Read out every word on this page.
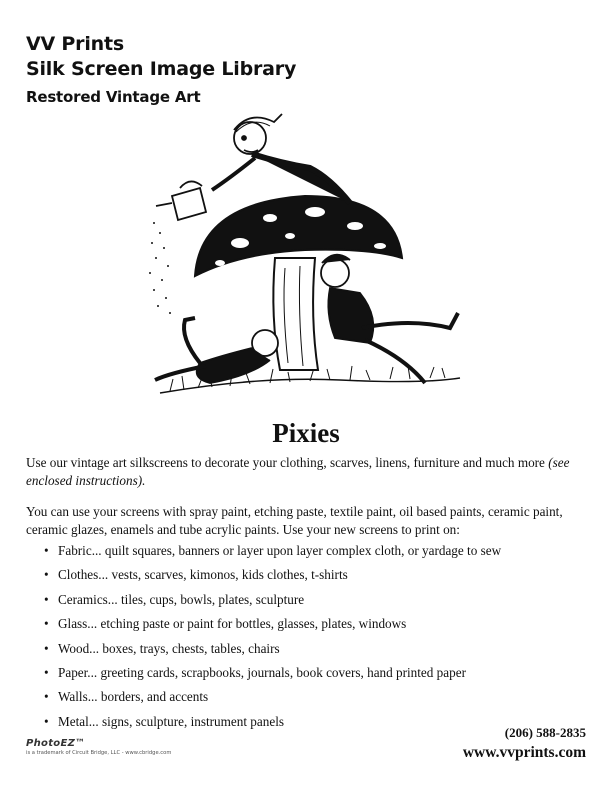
VV Prints
Silk Screen Image Library
Restored Vintage Art
Pixies
Use our vintage art silkscreens to decorate your clothing, scarves, linens, furniture and much more (see enclosed instructions).
You can use your screens with spray paint, etching paste, textile paint, oil based paints, ceramic paint, ceramic glazes, enamels and tube acrylic paints. Use your new screens to print on:
• Fabric... quilt squares, banners or layer upon layer complex cloth, or yardage to sew
• Clothes... vests, scarves, kimonos, kids clothes, t-shirts
• Ceramics... tiles, cups, bowls, plates, sculpture
• Glass... etching paste or paint for bottles, glasses, plates, windows
• Wood... boxes, trays, chests, tables, chairs
• Paper... greeting cards, scrapbooks, journals, book covers, hand printed paper
• Walls... borders, and accents
• Metal... signs, sculpture, instrument panels
PhotoEZ™
is a trademark of Circuit Bridge, LLC - www.cbridge.com
(206) 588-2835
www.vvprints.com
